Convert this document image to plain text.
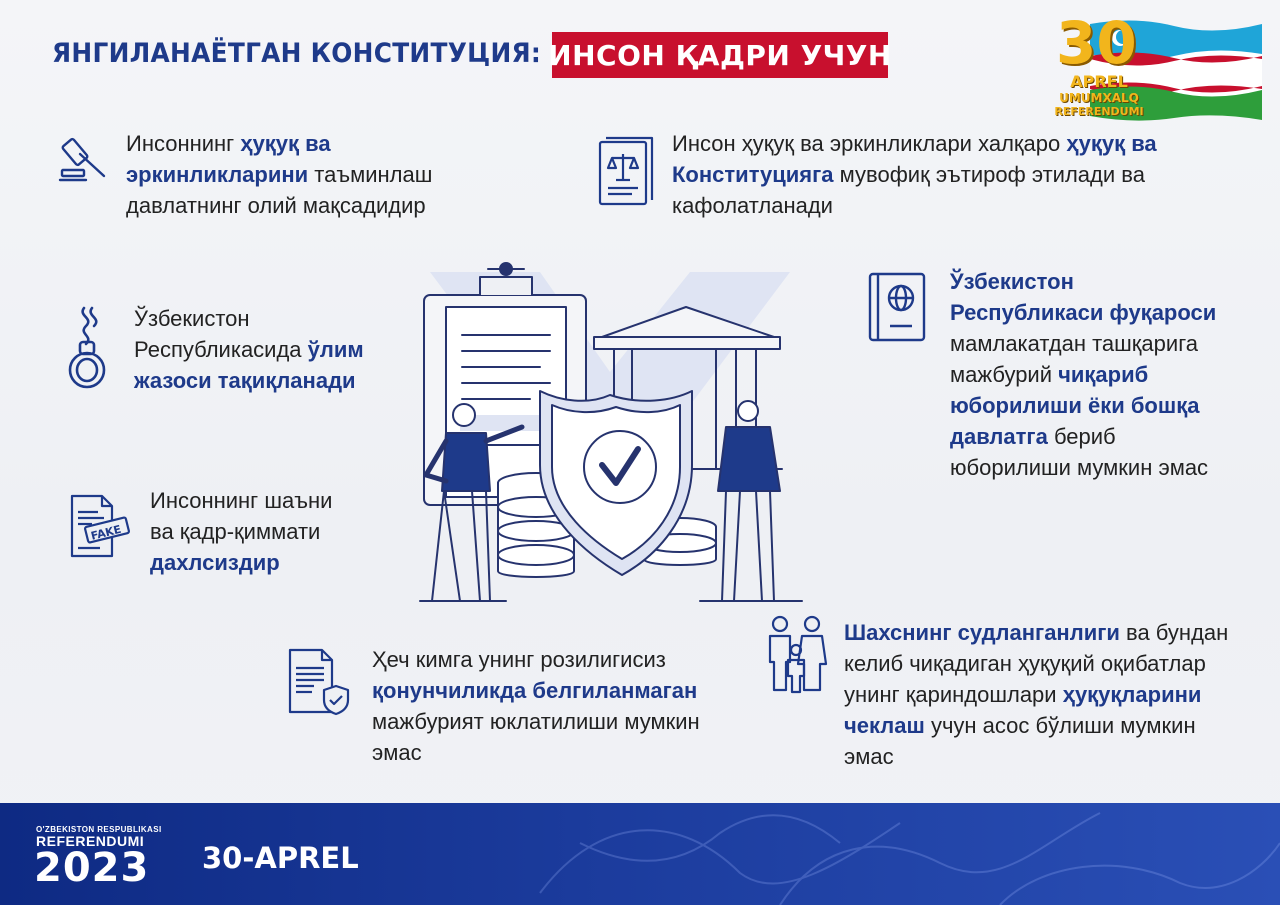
ЯНГИЛАНАЁТГАН КОНСТИТУЦИЯ: ИНСОН ҚАДРИ УЧУН	30
APREL
UMUMXALQ
REFERENDUMI
Инсоннинг ҳуқуқ ва эркинликларини таъминлаш давлатнинг олий мақсадидир
Инсон ҳуқуқ ва эркинликлари халқаро ҳуқуқ ва Конституцияга мувофиқ эътироф этилади ва кафолатланади
Ўзбекистон Республикасида ўлим жазоси тақиқланади
Ўзбекистон Республикаси фуқароси мамлакатдан ташқарига мажбурий чиқариб юборилиши ёки бошқа давлатга бериб юборилиши мумкин эмас
FAKE
Инсоннинг шаъни ва қадр-қиммати дахлсиздир
Ҳеч кимга унинг розилигисиз қонунчиликда белгиланмаган мажбурият юклатилиши мумкин эмас
Шахснинг судланганлиги ва бундан келиб чиқадиган ҳуқуқий оқибатлар унинг қариндошлари ҳуқуқларини чеклаш учун асос бўлиши мумкин эмас
O'ZBEKISTON RESPUBLIKASI
REFERENDUMI
2023 30-APREL
